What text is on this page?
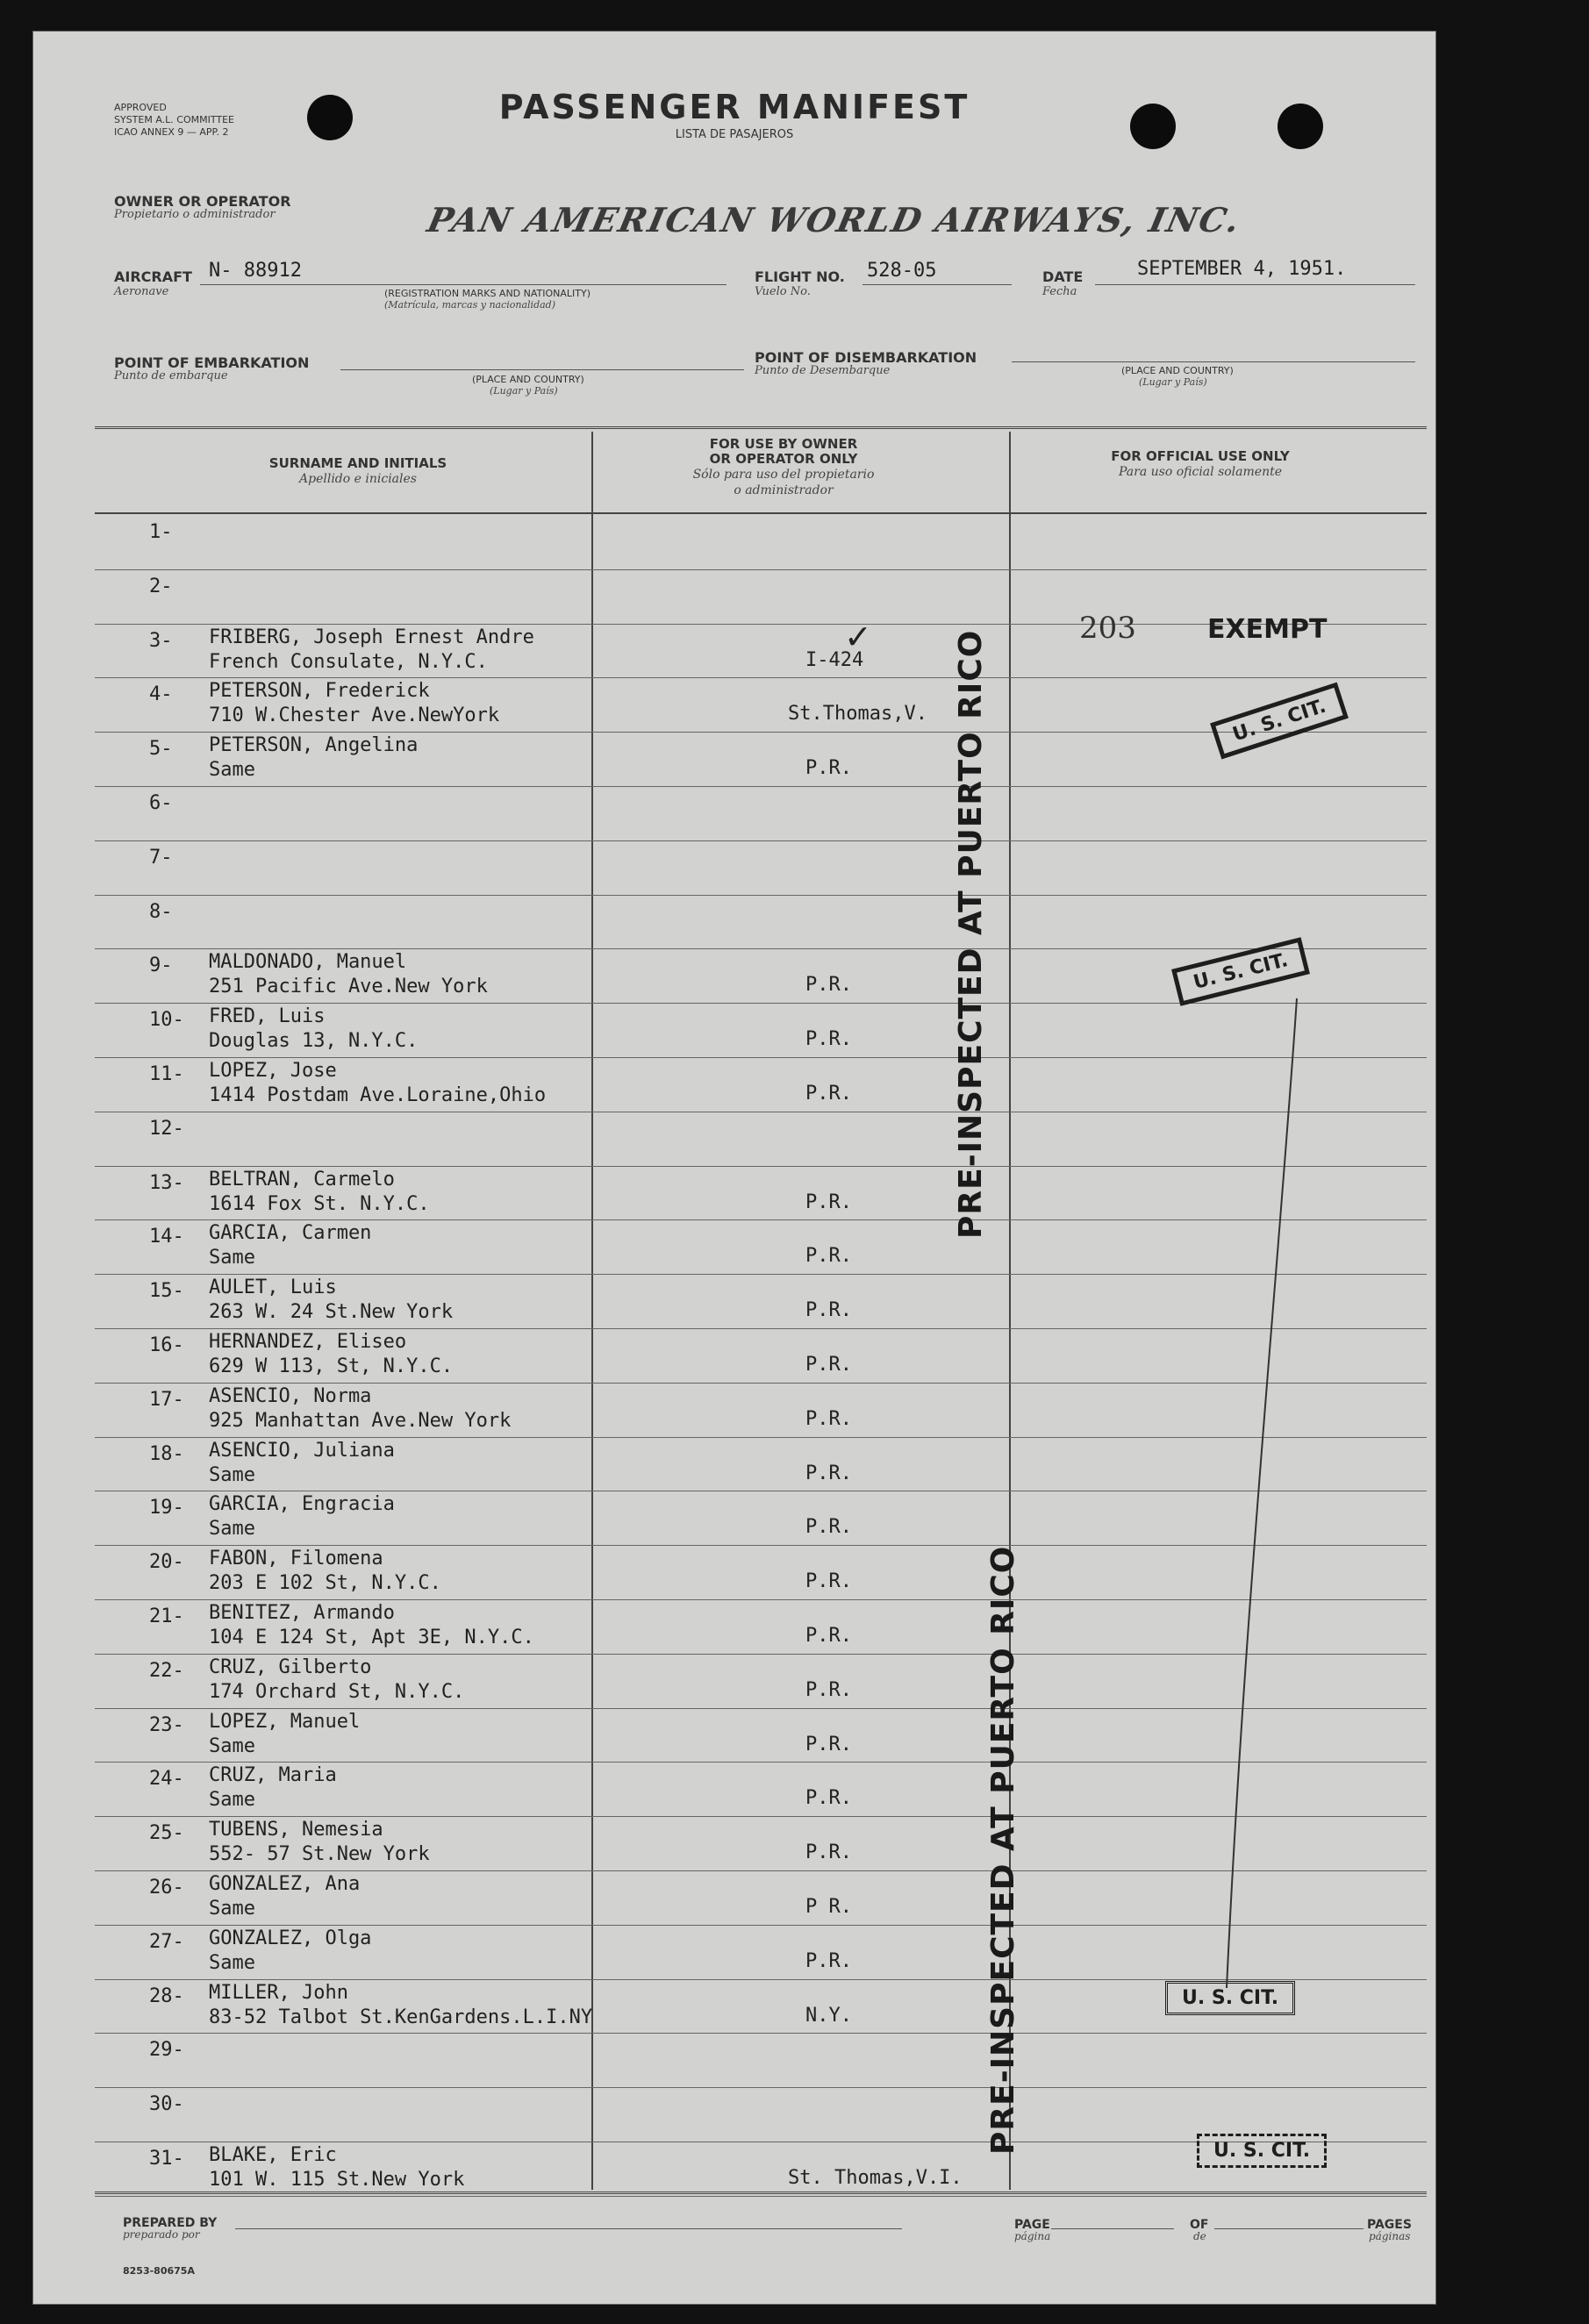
APPROVED
SYSTEM A.L. COMMITTEE
ICAO ANNEX 9 — APP. 2
PASSENGER MANIFEST
LISTA DE PASAJEROS
OWNER OR OPERATOR
Propietario o administrador	PAN AMERICAN WORLD AIRWAYS, INC.
AIRCRAFT
Aeronave
N- 88912
(REGISTRATION MARKS AND NATIONALITY)
(Matrícula, marcas y nacionalidad)
FLIGHT NO.
Vuelo No.
528-05	DATE
Fecha
SEPTEMBER 4, 1951.
POINT OF EMBARKATION
Punto de embarque	(PLACE AND COUNTRY)
(Lugar y País)
POINT OF DISEMBARKATION
Punto de Desembarque	(PLACE AND COUNTRY)
(Lugar y País)
SURNAME AND INITIALS
Apellido e iniciales
FOR USE BY OWNER
OR OPERATOR ONLY
Sólo para uso del propietario
o administrador
FOR OFFICIAL USE ONLY
Para uso oficial solamente
1-
2-
3- FRIBERG, Joseph Ernest Andre
French Consulate, N.Y.C.	I-424
4- PETERSON, Frederick
710 W.Chester Ave.NewYork	St.Thomas,V.
5- PETERSON, Angelina
Same	P.R.
6-
7-
8-
9- MALDONADO, Manuel
251 Pacific Ave.New York	P.R.
10- FRED, Luis
Douglas 13, N.Y.C.	P.R.
11- LOPEZ, Jose
1414 Postdam Ave.Loraine,Ohio	P.R.
12-
13- BELTRAN, Carmelo
1614 Fox St. N.Y.C.	P.R.
14- GARCIA, Carmen
Same	P.R.
15- AULET, Luis
263 W. 24 St.New York	P.R.
16- HERNANDEZ, Eliseo
629 W 113, St, N.Y.C.	P.R.
17- ASENCIO, Norma
925 Manhattan Ave.New York	P.R.
18- ASENCIO, Juliana
Same	P.R.
19- GARCIA, Engracia
Same	P.R.
20- FABON, Filomena
203 E 102 St, N.Y.C.	P.R.
21- BENITEZ, Armando
104 E 124 St, Apt 3E, N.Y.C.	P.R.
22- CRUZ, Gilberto
174 Orchard St, N.Y.C.	P.R.
23- LOPEZ, Manuel
Same	P.R.
24- CRUZ, Maria
Same	P.R.
25- TUBENS, Nemesia
552- 57 St.New York	P.R.
26- GONZALEZ, Ana
Same	P R.
27- GONZALEZ, Olga
Same	P.R.
28- MILLER, John
83-52 Talbot St.KenGardens.L.I.NY	N.Y.
29-
30-
31- BLAKE, Eric
101 W. 115 St.New York	St. Thomas,V.I.
PRE-INSPECTED AT PUERTO RICO
PRE-INSPECTED AT PUERTO RICO
203	EXEMPT
✓
U. S. CIT.
U. S. CIT.
U. S. CIT.
U. S. CIT.
PREPARED BY
preparado por
PAGE
página
OF
de
PAGES
páginas
8253-80675A
